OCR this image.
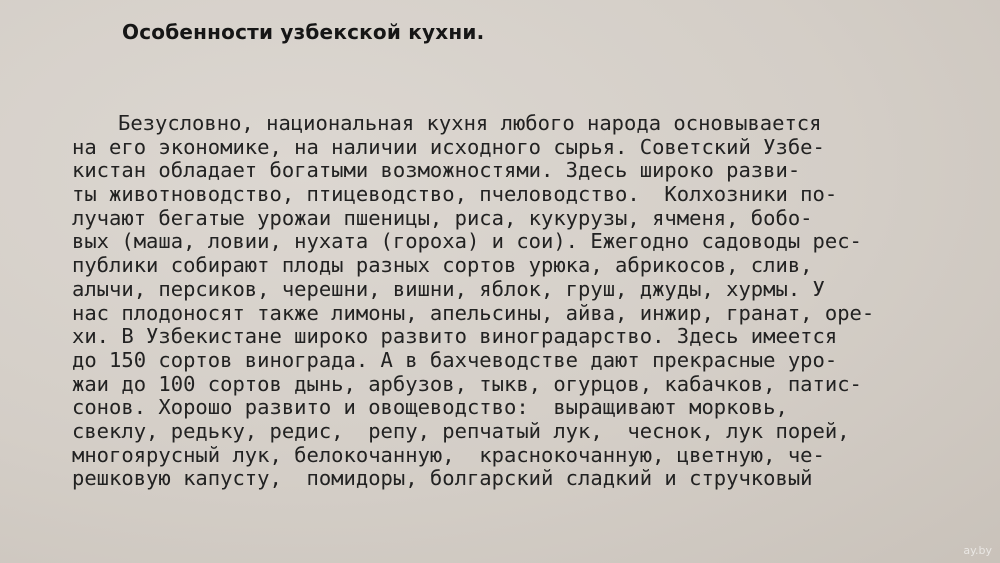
Особенности узбекской кухни.
Безусловно, национальная кухня любого народа основывается
на его экономике, на наличии исходного сырья. Советский Узбе-
кистан обладает богатыми возможностями. Здесь широко разви-
ты животноводство, птицеводство, пчеловодство.  Колхозники по-
лучают бегатые урожаи пшеницы, риса, кукурузы, ячменя, бобо-
вых (маша, ловии, нухата (гороха) и сои). Ежегодно садоводы рес-
публики собирают плоды разных сортов урюка, абрикосов, слив,
алычи, персиков, черешни, вишни, яблок, груш, джуды, хурмы. У
нас плодоносят также лимоны, апельсины, айва, инжир, гранат, оре-
хи. В Узбекистане широко развито виноградарство. Здесь имеется
до 150 сортов винограда. А в бахчеводстве дают прекрасные уро-
жаи до 100 сортов дынь, арбузов, тыкв, огурцов, кабачков, патис-
сонов. Хорошо развито и овощеводство:  выращивают морковь,
свеклу, редьку, редис,  репу, репчатый лук,  чеснок, лук порей,
многоярусный лук, белокочанную,  краснокочанную, цветную, че-
решковую капусту,  помидоры, болгарский сладкий и стручковый
ay.by
